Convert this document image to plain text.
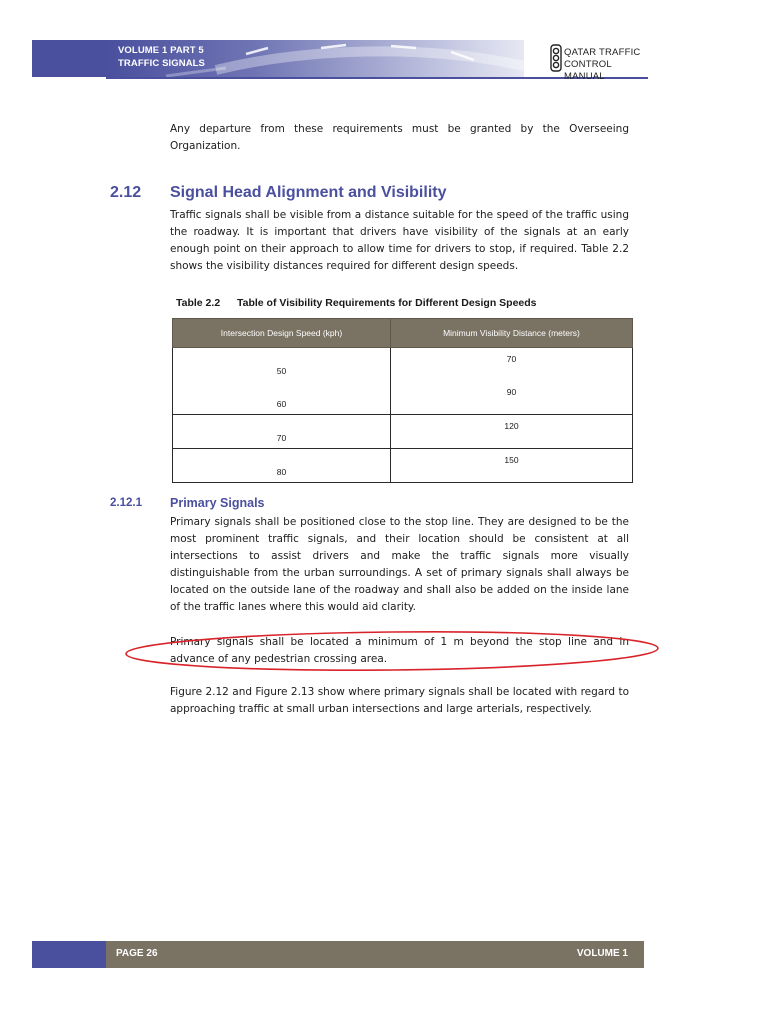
VOLUME 1 PART 5
TRAFFIC SIGNALS
QATAR TRAFFIC
CONTROL MANUAL
Any departure from these requirements must be granted by the Overseeing Organization.
2.12 Signal Head Alignment and Visibility
Traffic signals shall be visible from a distance suitable for the speed of the traffic using the roadway. It is important that drivers have visibility of the signals at an early enough point on their approach to allow time for drivers to stop, if required. Table 2.2 shows the visibility distances required for different design speeds.
Table 2.2 Table of Visibility Requirements for Different Design Speeds
Intersection Design Speed (kph)	Minimum Visibility Distance (meters)
50	70
60	90
70	120
80	150
2.12.1 Primary Signals
Primary signals shall be positioned close to the stop line. They are designed to be the most prominent traffic signals, and their location should be consistent at all intersections to assist drivers and make the traffic signals more visually distinguishable from the urban surroundings. A set of primary signals shall always be located on the outside lane of the roadway and shall also be added on the inside lane of the traffic lanes where this would aid clarity.
Primary signals shall be located a minimum of 1 m beyond the stop line and in advance of any pedestrian crossing area.
Figure 2.12 and Figure 2.13 show where primary signals shall be located with regard to approaching traffic at small urban intersections and large arterials, respectively.
PAGE 26	VOLUME 1
